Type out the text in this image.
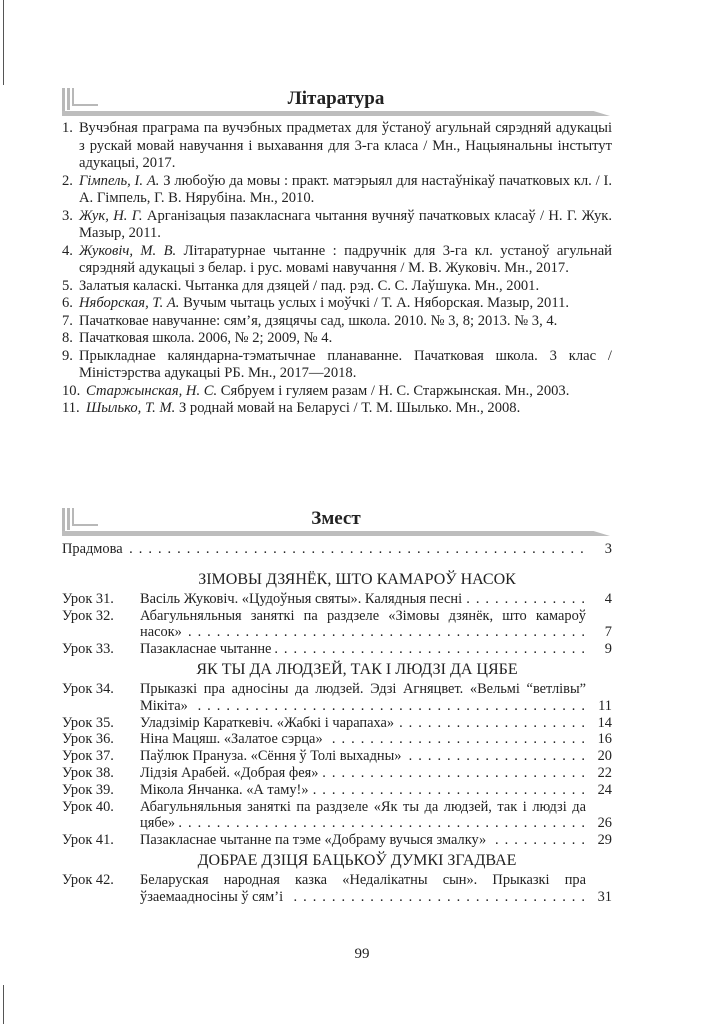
Літаратура
1. Вучэбная праграма па вучэбных прадметах для ўстаноў агульнай сярэдняй адукацыі з рускай мовай навучання і выхавання для 3-га класа / Мн., Нацыянальны інстытут адукацыі, 2017.
2. Гімпель, І. А. З любоўю да мовы : практ. матэрыял для настаўнікаў пачатковых кл. / І. А. Гімпель, Г. В. Нярубіна. Мн., 2010.
3. Жук, Н. Г. Арганізацыя пазакласнага чытання вучняў пачатковых класаў / Н. Г. Жук. Мазыр, 2011.
4. Жуковіч, М. В. Літаратурнае чытанне : падручнік для 3-га кл. устаноў агульнай сярэдняй адукацыі з белар. і рус. мовамі навучання / М. В. Жуковіч. Мн., 2017.
5. Залатыя каласкі. Чытанка для дзяцей / пад. рэд. С. С. Лаўшука. Мн., 2001.
6. Няборская, Т. А. Вучым чытаць услых і моўчкі / Т. А. Няборская. Мазыр, 2011.
7. Пачатковае навучанне: сям’я, дзяцячы сад, школа. 2010. № 3, 8; 2013. № 3, 4.
8. Пачатковая школа. 2006, № 2; 2009, № 4.
9. Прыкладнае каляндарна-тэматычнае планаванне. Пачатковая школа. 3 клас / Міністэрства адукацыі РБ. Мн., 2017—2018.
10. Старжынская, Н. С. Сябруем і гуляем разам / Н. С. Старжынская. Мн., 2003.
11. Шылько, Т. М. З роднай мовай на Беларусі / Т. М. Шылько. Мн., 2008.
Змест
Прадмова . . .	3
ЗІМОВЫ ДЗЯНЁК, ШТО КАМАРОЎ НАСОК
Урок 31.	Васіль Жуковіч. «Цудоўныя святы». Калядныя песні . . .	4
Урок 32.	Абагульняльныя заняткі па раздзеле «Зімовы дзянёк, што камароў насок» . . .	7
Урок 33.	Пазакласнае чытанне . . .	9
ЯК ТЫ ДА ЛЮДЗЕЙ, ТАК І ЛЮДЗІ ДА ЦЯБЕ
Урок 34.	Прыказкі пра адносіны да людзей. Эдзі Агняцвет. «Вельмі “ветлівы” Мікіта» . . .	11
Урок 35.	Уладзімір Караткевіч. «Жабкі і чарапаха» . . .	14
Урок 36.	Ніна Мацяш. «Залатое сэрца» . . .	16
Урок 37.	Паўлюк Прануза. «Сёння ў Толі выхадны» . . .	20
Урок 38.	Лідзія Арабей. «Добрая фея» . . .	22
Урок 39.	Мікола Янчанка. «А таму!» . . .	24
Урок 40.	Абагульняльныя заняткі па раздзеле «Як ты да людзей, так і людзі да цябе» . . .	26
Урок 41.	Пазакласнае чытанне па тэме «Добраму вучыся змалку» . . .	29
ДОБРАЕ ДЗІЦЯ БАЦЬКОЎ ДУМКІ ЗГАДВАЕ
Урок 42.	Беларуская народная казка «Недалікатны сын». Прыказкі пра ўзаемаадносіны ў сям’і . . .	31
99
